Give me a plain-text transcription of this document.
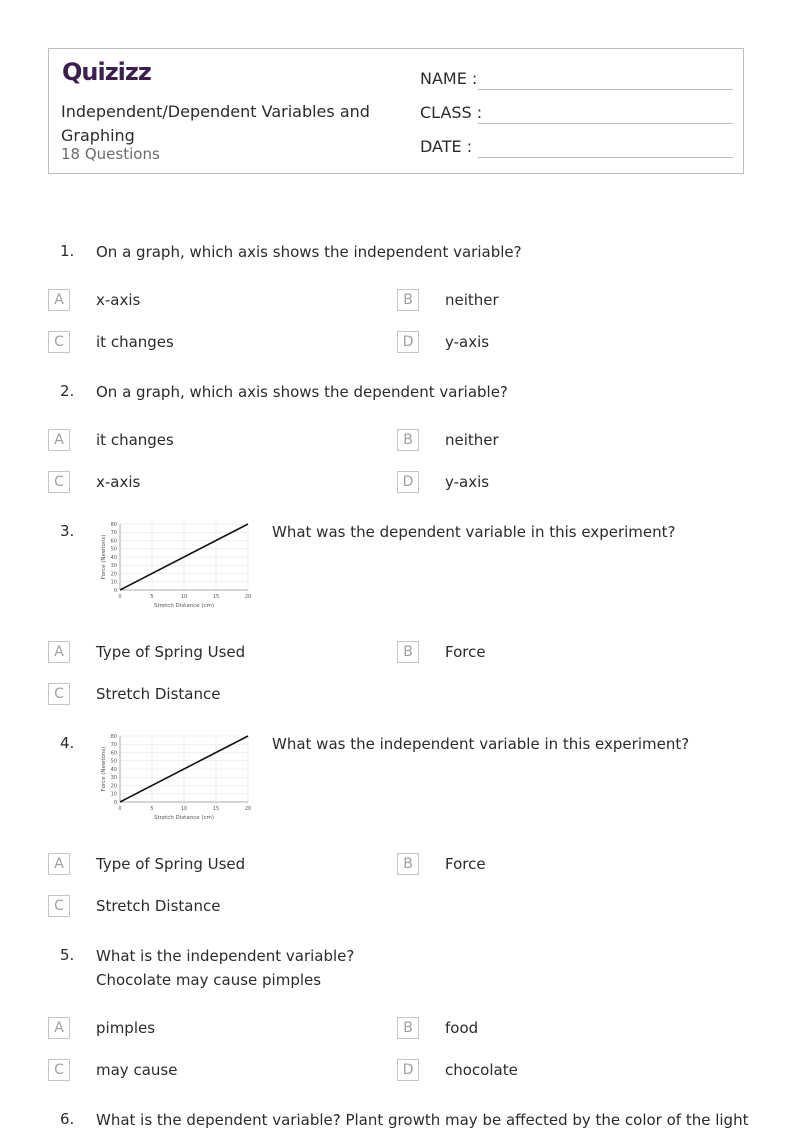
Quizizz
Independent/Dependent Variables and Graphing
18 Questions
NAME :
CLASS :
DATE :
1. On a graph, which axis shows the independent variable?
A	x-axis	B	neither
C	it changes	D	y-axis
2. On a graph, which axis shows the dependent variable?
A	it changes	B	neither
C	x-axis	D	y-axis
3.
0
10
20
30
40
50
60
70
80
0	5	10	15	20
Stretch Distance (cm)
Force (Newtons)
What was the dependent variable in this experiment?
A	Type of Spring Used	B	Force
C	Stretch Distance
4.
0
10
20
30
40
50
60
70
80
0	5	10	15	20
Stretch Distance (cm)
Force (Newtons)
What was the independent variable in this experiment?
A	Type of Spring Used	B	Force
C	Stretch Distance
5. What is the independent variable?
Chocolate may cause pimples
A	pimples	B	food
C	may cause	D	chocolate
6. What is the dependent variable? Plant growth may be affected by the color of the light
